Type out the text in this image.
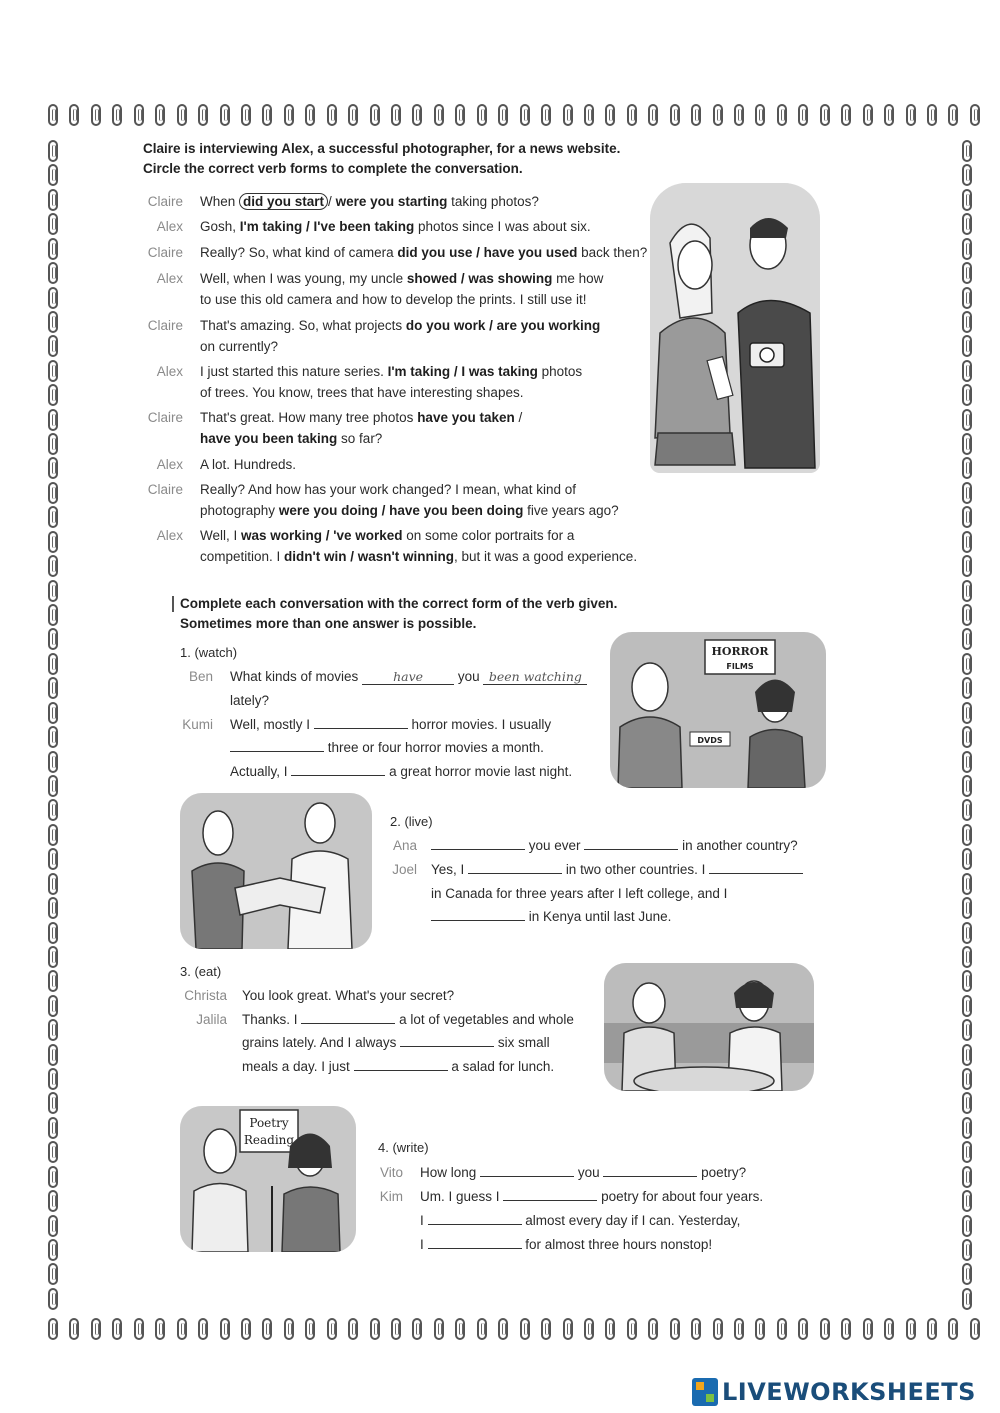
Claire is interviewing Alex, a successful photographer, for a news website.
Circle the correct verb forms to complete the conversation.
Claire When did you start / were you starting taking photos?
Alex Gosh, I'm taking / I've been taking photos since I was about six.
Claire Really? So, what kind of camera did you use / have you used back then?
Alex Well, when I was young, my uncle showed / was showing me how
to use this old camera and how to develop the prints. I still use it!
Claire That's amazing. So, what projects do you work / are you working
on currently?
Alex I just started this nature series. I'm taking / I was taking photos
of trees. You know, trees that have interesting shapes.
Claire That's great. How many tree photos have you taken /
have you been taking so far?
Alex A lot. Hundreds.
Claire Really? And how has your work changed? I mean, what kind of
photography were you doing / have you been doing five years ago?
Alex Well, I was working / 've worked on some color portraits for a
competition. I didn't win / wasn't winning, but it was a good experience.
Complete each conversation with the correct form of the verb given.
Sometimes more than one answer is possible.
1. (watch)
Ben What kinds of movies	have	you been watching
lately?
Kumi Well, mostly I	horror movies. I usually
three or four horror movies a month.
Actually, I	a great horror movie last night.
HORROR
FILMS
DVDS
2. (live)
Ana	you ever	in another country?
Joel Yes, I	in two other countries. I
in Canada for three years after I left college, and I
in Kenya until last June.
3. (eat)
Christa You look great. What's your secret?
Jalila Thanks. I	a lot of vegetables and whole
grains lately. And I always	six small
meals a day. I just	a salad for lunch.
Poetry
Reading	4. (write)
Vito How long	you	poetry?
Kim Um. I guess I	poetry for about four years.
I	almost every day if I can. Yesterday,
I	for almost three hours nonstop!
LIVEWORKSHEETS
